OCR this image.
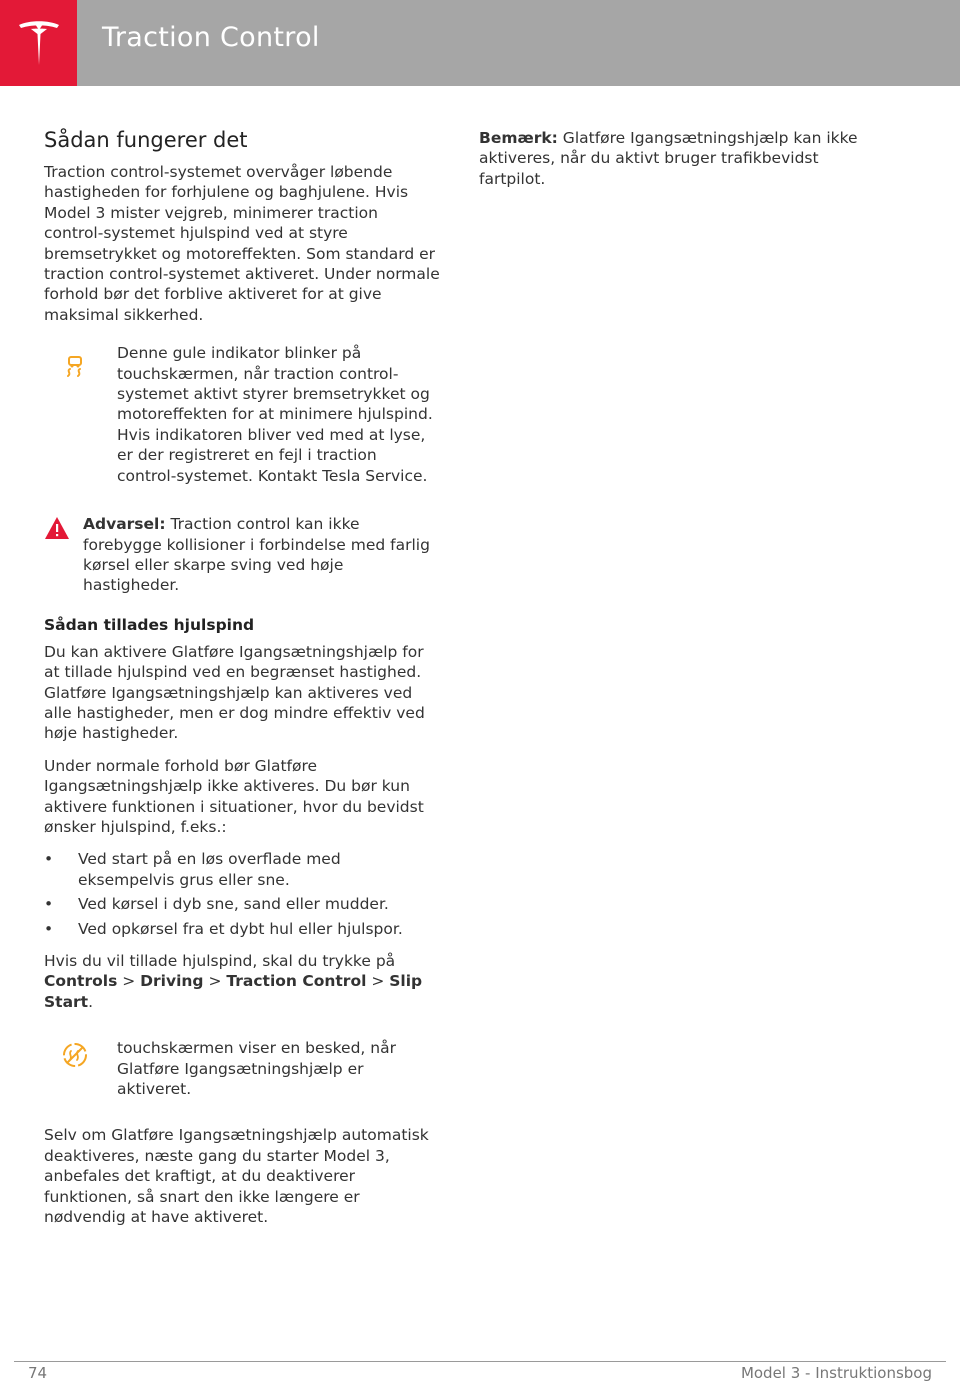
Traction Control
Sådan fungerer det

Traction control-systemet overvåger løbende hastigheden for forhjulene og baghjulene. Hvis Model 3 mister vejgreb, minimerer traction control-systemet hjulspind ved at styre bremsetrykket og motoreffekten. Som standard er traction control-systemet aktiveret. Under normale forhold bør det forblive aktiveret for at give maksimal sikkerhed.

Denne gule indikator blinker på touchskærmen, når traction control-systemet aktivt styrer bremsetrykket og motoreffekten for at minimere hjulspind. Hvis indikatoren bliver ved med at lyse, er der registreret en fejl i traction control-systemet. Kontakt Tesla Service.

Advarsel: Traction control kan ikke forebygge kollisioner i forbindelse med farlig kørsel eller skarpe sving ved høje hastigheder.

Sådan tillades hjulspind

Du kan aktivere Glatføre Igangsætningshjælp for at tillade hjulspind ved en begrænset hastighed. Glatføre Igangsætningshjælp kan aktiveres ved alle hastigheder, men er dog mindre effektiv ved høje hastigheder.

Under normale forhold bør Glatføre Igangsætningshjælp ikke aktiveres. Du bør kun aktivere funktionen i situationer, hvor du bevidst ønsker hjulspind, f.eks.:

• Ved start på en løs overflade med eksempelvis grus eller sne.
• Ved kørsel i dyb sne, sand eller mudder.
• Ved opkørsel fra et dybt hul eller hjulspor.

Hvis du vil tillade hjulspind, skal du trykke på Controls > Driving > Traction Control > Slip Start.

touchskærmen viser en besked, når Glatføre Igangsætningshjælp er aktiveret.

Selv om Glatføre Igangsætningshjælp automatisk deaktiveres, næste gang du starter Model 3, anbefales det kraftigt, at du deaktiverer funktionen, så snart den ikke længere er nødvendig at have aktiveret.

Bemærk: Glatføre Igangsætningshjælp kan ikke aktiveres, når du aktivt bruger trafikbevidst fartpilot.

74	Model 3 - Instruktionsbog
